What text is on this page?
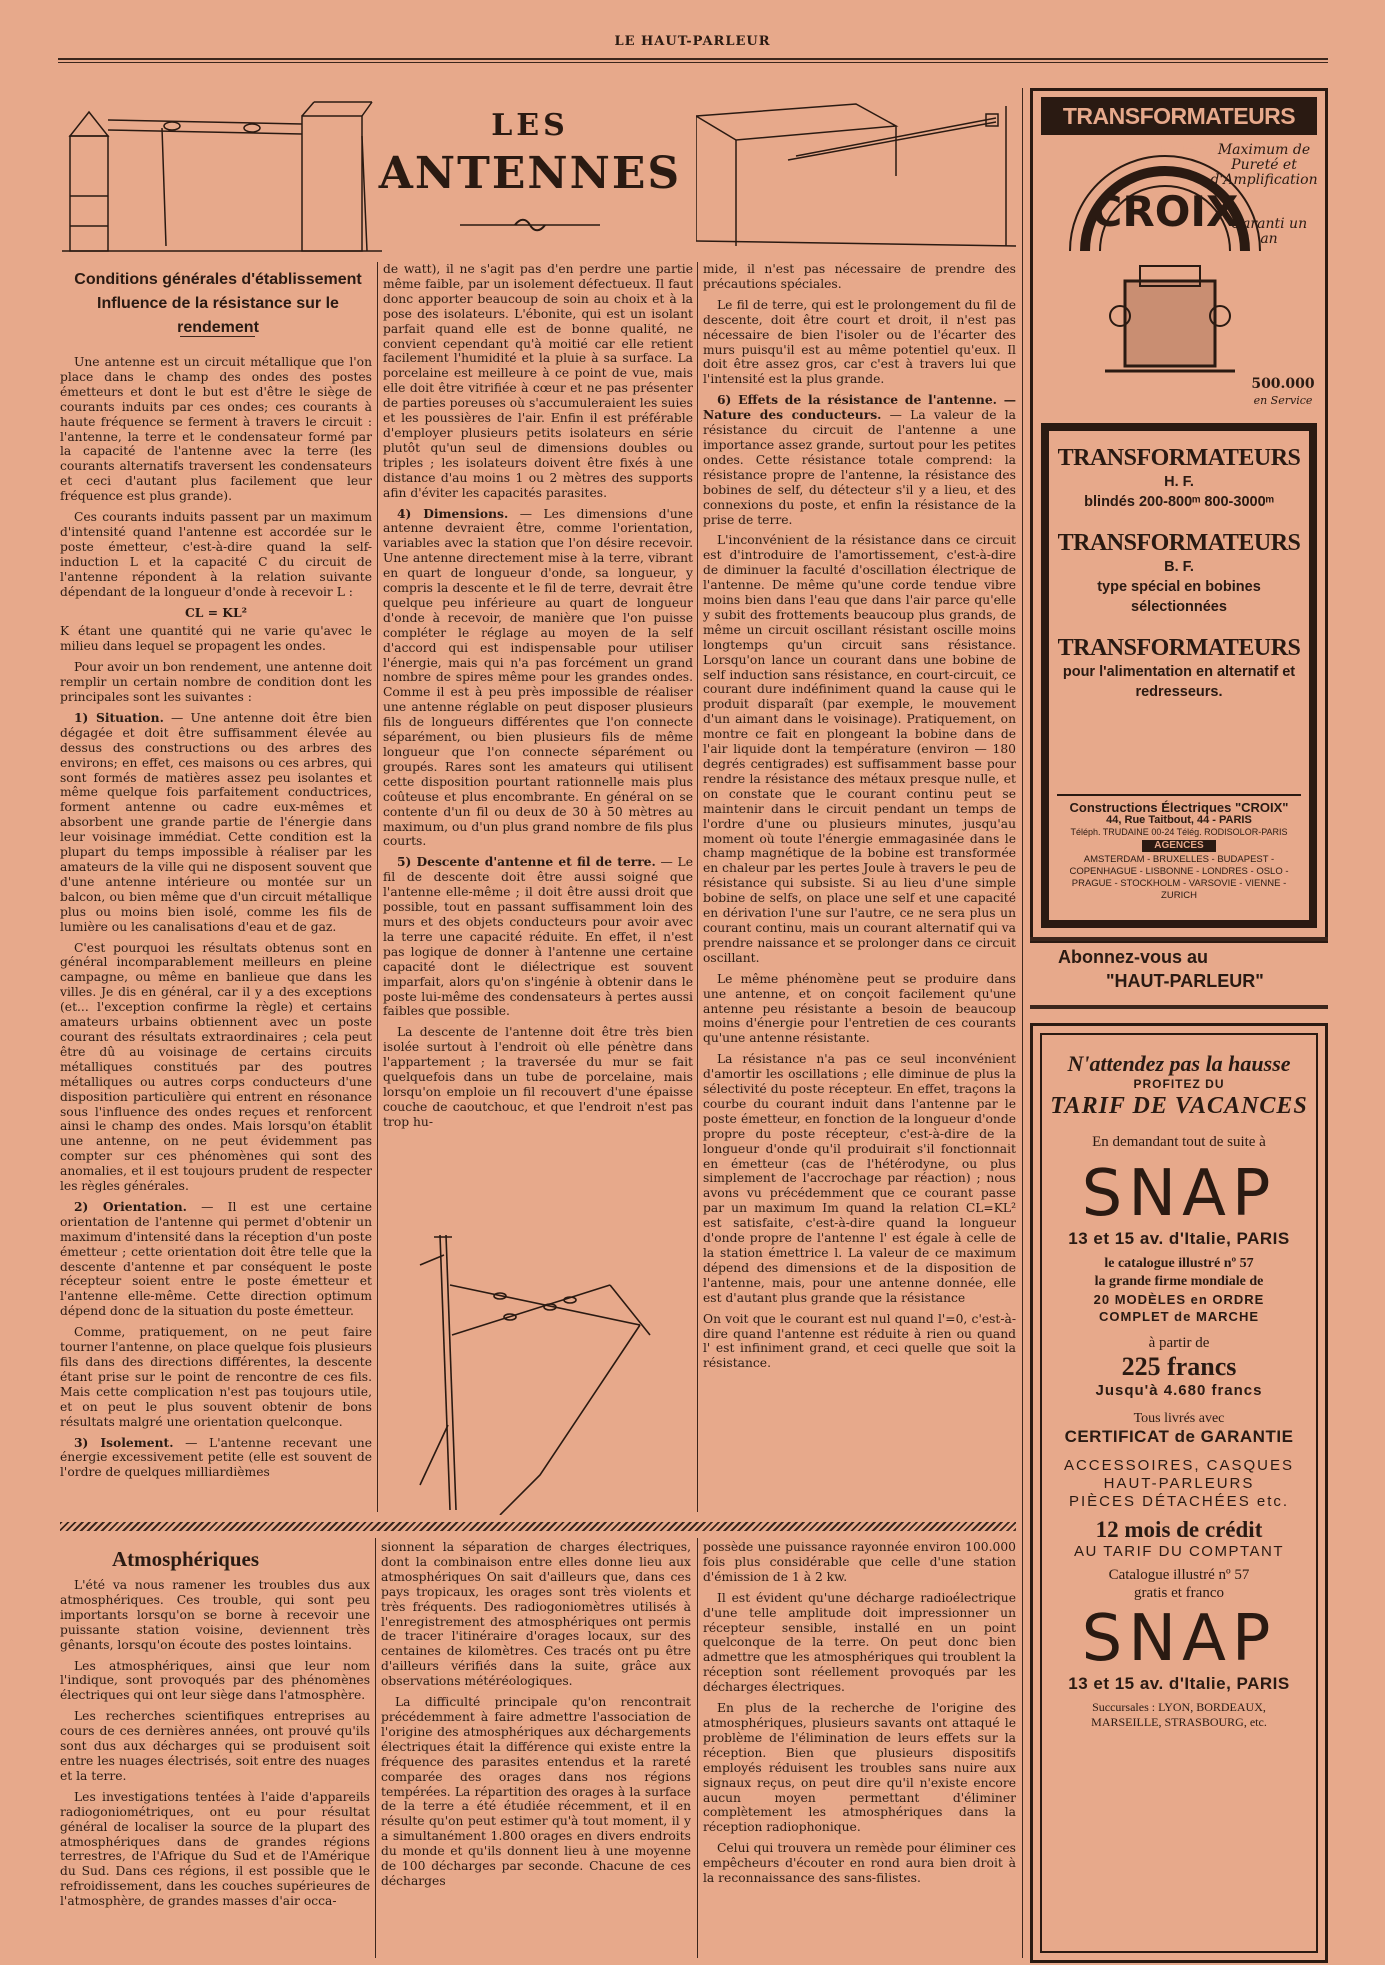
LE HAUT-PARLEUR
LES
ANTENNES
Conditions générales d'établissement
Influence de la résistance sur le rendement

Une antenne est un circuit métallique que l'on place dans le champ des ondes des postes émetteurs et dont le but est d'être le siège de courants induits par ces ondes; ces courants à haute fréquence se ferment à travers le circuit : l'antenne, la terre et le condensateur formé par la capacité de l'antenne avec la terre (les courants alternatifs traversent les condensateurs et ceci d'autant plus facilement que leur fréquence est plus grande).

Ces courants induits passent par un maximum d'intensité quand l'antenne est accordée sur le poste émetteur, c'est-à-dire quand la self-induction L et la capacité C du circuit de l'antenne répondent à la relation suivante dépendant de la longueur d'onde à recevoir L :

CL = KL²

K étant une quantité qui ne varie qu'avec le milieu dans lequel se propagent les ondes.

Pour avoir un bon rendement, une antenne doit remplir un certain nombre de condition dont les principales sont les suivantes :

1) Situation. — Une antenne doit être bien dégagée et doit être suffisamment élevée au dessus des constructions ou des arbres des environs; en effet, ces maisons ou ces arbres, qui sont formés de matières assez peu isolantes et même quelque fois parfaitement conductrices, forment antenne ou cadre eux-mêmes et absorbent une grande partie de l'énergie dans leur voisinage immédiat. Cette condition est la plupart du temps impossible à réaliser par les amateurs de la ville qui ne disposent souvent que d'une antenne intérieure ou montée sur un balcon, ou bien même que d'un circuit métallique plus ou moins bien isolé, comme les fils de lumière ou les canalisations d'eau et de gaz.

C'est pourquoi les résultats obtenus sont en général incomparablement meilleurs en pleine campagne, ou même en banlieue que dans les villes. Je dis en général, car il y a des exceptions (et... l'exception confirme la règle) et certains amateurs urbains obtiennent avec un poste courant des résultats extraordinaires ; cela peut être dû au voisinage de certains circuits métalliques constitués par des poutres métalliques ou autres corps conducteurs d'une disposition particulière qui entrent en résonance sous l'influence des ondes reçues et renforcent ainsi le champ des ondes. Mais lorsqu'on établit une antenne, on ne peut évidemment pas compter sur ces phénomènes qui sont des anomalies, et il est toujours prudent de respecter les règles générales.

2) Orientation. — Il est une certaine orientation de l'antenne qui permet d'obtenir un maximum d'intensité dans la réception d'un poste émetteur ; cette orientation doit être telle que la descente d'antenne et par conséquent le poste récepteur soient entre le poste émetteur et l'antenne elle-même. Cette direction optimum dépend donc de la situation du poste émetteur.

Comme, pratiquement, on ne peut faire tourner l'antenne, on place quelque fois plusieurs fils dans des directions différentes, la descente étant prise sur le point de rencontre de ces fils. Mais cette complication n'est pas toujours utile, et on peut le plus souvent obtenir de bons résultats malgré une orientation quelconque.

3) Isolement. — L'antenne recevant une énergie excessivement petite (elle est souvent de l'ordre de quelques milliardièmes

de watt), il ne s'agit pas d'en perdre une partie même faible, par un isolement défectueux. Il faut donc apporter beaucoup de soin au choix et à la pose des isolateurs. L'ébonite, qui est un isolant parfait quand elle est de bonne qualité, ne convient cependant qu'à moitié car elle retient facilement l'humidité et la pluie à sa surface. La porcelaine est meilleure à ce point de vue, mais elle doit être vitrifiée à cœur et ne pas présenter de parties poreuses où s'accumuleraient les suies et les poussières de l'air. Enfin il est préférable d'employer plusieurs petits isolateurs en série plutôt qu'un seul de dimensions doubles ou triples ; les isolateurs doivent être fixés à une distance d'au moins 1 ou 2 mètres des supports afin d'éviter les capacités parasites.

4) Dimensions. — Les dimensions d'une antenne devraient être, comme l'orientation, variables avec la station que l'on désire recevoir. Une antenne directement mise à la terre, vibrant en quart de longueur d'onde, sa longueur, y compris la descente et le fil de terre, devrait être quelque peu inférieure au quart de longueur d'onde à recevoir, de manière que l'on puisse compléter le réglage au moyen de la self d'accord qui est indispensable pour utiliser l'énergie, mais qui n'a pas forcément un grand nombre de spires même pour les grandes ondes. Comme il est à peu près impossible de réaliser une antenne réglable on peut disposer plusieurs fils de longueurs différentes que l'on connecte séparément, ou bien plusieurs fils de même longueur que l'on connecte séparément ou groupés. Rares sont les amateurs qui utilisent cette disposition pourtant rationnelle mais plus coûteuse et plus encombrante. En général on se contente d'un fil ou deux de 30 à 50 mètres au maximum, ou d'un plus grand nombre de fils plus courts.

5) Descente d'antenne et fil de terre. — Le fil de descente doit être aussi soigné que l'antenne elle-même ; il doit être aussi droit que possible, tout en passant suffisamment loin des murs et des objets conducteurs pour avoir avec la terre une capacité réduite. En effet, il n'est pas logique de donner à l'antenne une certaine capacité dont le diélectrique est souvent imparfait, alors qu'on s'ingénie à obtenir dans le poste lui-même des condensateurs à pertes aussi faibles que possible.

La descente de l'antenne doit être très bien isolée surtout à l'endroit où elle pénètre dans l'appartement ; la traversée du mur se fait quelquefois dans un tube de porcelaine, mais lorsqu'on emploie un fil recouvert d'une épaisse couche de caoutchouc, et que l'endroit n'est pas trop hu-

mide, il n'est pas nécessaire de prendre des précautions spéciales.

Le fil de terre, qui est le prolongement du fil de descente, doit être court et droit, il n'est pas nécessaire de bien l'isoler ou de l'écarter des murs puisqu'il est au même potentiel qu'eux. Il doit être assez gros, car c'est à travers lui que l'intensité est la plus grande.

6) Effets de la résistance de l'antenne. — Nature des conducteurs. — La valeur de la résistance du circuit de l'antenne a une importance assez grande, surtout pour les petites ondes. Cette résistance totale comprend: la résistance propre de l'antenne, la résistance des bobines de self, du détecteur s'il y a lieu, et des connexions du poste, et enfin la résistance de la prise de terre.

L'inconvénient de la résistance dans ce circuit est d'introduire de l'amortissement, c'est-à-dire de diminuer la faculté d'oscillation électrique de l'antenne. De même qu'une corde tendue vibre moins bien dans l'eau que dans l'air parce qu'elle y subit des frottements beaucoup plus grands, de même un circuit oscillant résistant oscille moins longtemps qu'un circuit sans résistance. Lorsqu'on lance un courant dans une bobine de self induction sans résistance, en court-circuit, ce courant dure indéfiniment quand la cause qui le produit disparaît (par exemple, le mouvement d'un aimant dans le voisinage). Pratiquement, on montre ce fait en plongeant la bobine dans de l'air liquide dont la température (environ — 180 degrés centigrades) est suffisamment basse pour rendre la résistance des métaux presque nulle, et on constate que le courant continu peut se maintenir dans le circuit pendant un temps de l'ordre d'une ou plusieurs minutes, jusqu'au moment où toute l'énergie emmagasinée dans le champ magnétique de la bobine est transformée en chaleur par les pertes Joule à travers le peu de résistance qui subsiste. Si au lieu d'une simple bobine de selfs, on place une self et une capacité en dérivation l'une sur l'autre, ce ne sera plus un courant continu, mais un courant alternatif qui va prendre naissance et se prolonger dans ce circuit oscillant.

Le même phénomène peut se produire dans une antenne, et on conçoit facilement qu'une antenne peu résistante a besoin de beaucoup moins d'énergie pour l'entretien de ces courants qu'une antenne résistante.

La résistance n'a pas ce seul inconvénient d'amortir les oscillations ; elle diminue de plus la sélectivité du poste récepteur. En effet, traçons la courbe du courant induit dans l'antenne par le poste émetteur, en fonction de la longueur d'onde propre du poste récepteur, c'est-à-dire de la longueur d'onde qu'il produirait s'il fonctionnait en émetteur (cas de l'hétérodyne, ou plus simplement de l'accrochage par réaction) ; nous avons vu précédemment que ce courant passe par un maximum Im quand la relation CL=KL² est satisfaite, c'est-à-dire quand la longueur d'onde propre de l'antenne l' est égale à celle de la station émettrice l. La valeur de ce maximum dépend des dimensions et de la disposition de l'antenne, mais, pour une antenne donnée, elle est d'autant plus grande que la résistance

On voit que le courant est nul quand l'=0, c'est-à-dire quand l'antenne est réduite à rien ou quand l' est infiniment grand, et ceci quelle que soit la résistance.

Atmosphériques

L'été va nous ramener les troubles dus aux atmosphériques. Ces trouble, qui sont peu importants lorsqu'on se borne à recevoir une puissante station voisine, deviennent très gênants, lorsqu'on écoute des postes lointains.

Les atmosphériques, ainsi que leur nom l'indique, sont provoqués par des phénomènes électriques qui ont leur siège dans l'atmosphère.

Les recherches scientifiques entreprises au cours de ces dernières années, ont prouvé qu'ils sont dus aux décharges qui se produisent soit entre les nuages électrisés, soit entre des nuages et la terre.

Les investigations tentées à l'aide d'appareils radiogoniométriques, ont eu pour résultat général de localiser la source de la plupart des atmosphériques dans de grandes régions terrestres, de l'Afrique du Sud et de l'Amérique du Sud. Dans ces régions, il est possible que le refroidissement, dans les couches supérieures de l'atmosphère, de grandes masses d'air occa-

sionnent la séparation de charges électriques, dont la combinaison entre elles donne lieu aux atmosphériques On sait d'ailleurs que, dans ces pays tropicaux, les orages sont très violents et très fréquents. Des radiogoniomètres utilisés à l'enregistrement des atmosphériques ont permis de tracer l'itinéraire d'orages locaux, sur des centaines de kilomètres. Ces tracés ont pu être d'ailleurs vérifiés dans la suite, grâce aux observations météréologiques.

La difficulté principale qu'on rencontrait précédemment à faire admettre l'association de l'origine des atmosphériques aux déchargements électriques était la différence qui existe entre la fréquence des parasites entendus et la rareté comparée des orages dans nos régions tempérées. La répartition des orages à la surface de la terre a été étudiée récemment, et il en résulte qu'on peut estimer qu'à tout moment, il y a simultanément 1.800 orages en divers endroits du monde et qu'ils donnent lieu à une moyenne de 100 décharges par seconde. Chacune de ces décharges

possède une puissance rayonnée environ 100.000 fois plus considérable que celle d'une station d'émission de 1 à 2 kw.

Il est évident qu'une décharge radioélectrique d'une telle amplitude doit impressionner un récepteur sensible, installé en un point quelconque de la terre. On peut donc bien admettre que les atmosphériques qui troublent la réception sont réellement provoqués par les décharges électriques.

En plus de la recherche de l'origine des atmosphériques, plusieurs savants ont attaqué le problème de l'élimination de leurs effets sur la réception. Bien que plusieurs dispositifs employés réduisent les troubles sans nuire aux signaux reçus, on peut dire qu'il n'existe encore aucun moyen permettant d'éliminer complètement les atmosphériques dans la réception radiophonique.

Celui qui trouvera un remède pour éliminer ces empêcheurs d'écouter en rond aura bien droit à la reconnaissance des sans-filistes.

TRANSFORMATEURS B.F.
CROIX
Maximum de Pureté et d'Amplification
Garanti un an
500.000
en Service
TRANSFORMATEURS
H. F.
blindés 200-800ᵐ 800-3000ᵐ
TRANSFORMATEURS
B. F.
type spécial en bobines
sélectionnées
TRANSFORMATEURS
pour l'alimentation en alternatif et redresseurs.
Constructions Électriques "CROIX"
44, Rue Taitbout, 44 - PARIS
Téléph. TRUDAINE 00-24 Télég. RODISOLOR-PARIS
AGENCES
AMSTERDAM - BRUXELLES - BUDAPEST - COPENHAGUE - LISBONNE - LONDRES - OSLO - PRAGUE - STOCKHOLM - VARSOVIE - VIENNE - ZURICH
Abonnez-vous au
"HAUT-PARLEUR"
N'attendez pas la hausse
PROFITEZ DU
TARIF DE VACANCES
En demandant tout de suite à
SNAP
13 et 15 av. d'Italie, PARIS
le catalogue illustré nº 57
la grande firme mondiale de
20 MODÈLES en ORDRE
COMPLET de MARCHE
à partir de
225 francs
Jusqu'à 4.680 francs
Tous livrés avec
CERTIFICAT de GARANTIE
ACCESSOIRES, CASQUES
HAUT-PARLEURS
PIÈCES DÉTACHÉES etc.
12 mois de crédit
AU TARIF DU COMPTANT
Catalogue illustré nº 57
gratis et franco
SNAP
13 et 15 av. d'Italie, PARIS
Succursales : LYON, BORDEAUX,
MARSEILLE, STRASBOURG, etc.
